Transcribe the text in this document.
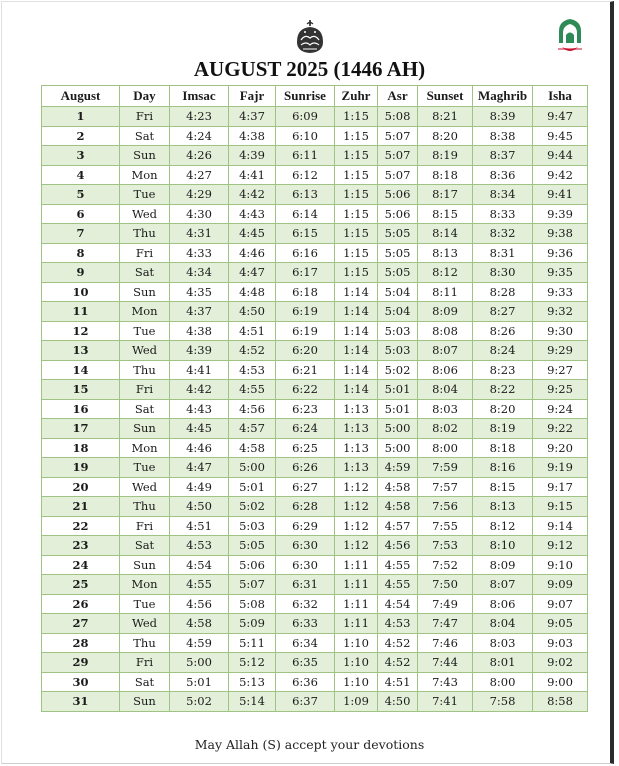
AUGUST 2025 (1446 AH)
August	Day	Imsac	Fajr	Sunrise	Zuhr	Asr	Sunset	Maghrib	Isha
1	Fri	4:23	4:37	6:09	1:15	5:08	8:21	8:39	9:47
2	Sat	4:24	4:38	6:10	1:15	5:07	8:20	8:38	9:45
3	Sun	4:26	4:39	6:11	1:15	5:07	8:19	8:37	9:44
4	Mon	4:27	4:41	6:12	1:15	5:07	8:18	8:36	9:42
5	Tue	4:29	4:42	6:13	1:15	5:06	8:17	8:34	9:41
6	Wed	4:30	4:43	6:14	1:15	5:06	8:15	8:33	9:39
7	Thu	4:31	4:45	6:15	1:15	5:05	8:14	8:32	9:38
8	Fri	4:33	4:46	6:16	1:15	5:05	8:13	8:31	9:36
9	Sat	4:34	4:47	6:17	1:15	5:05	8:12	8:30	9:35
10	Sun	4:35	4:48	6:18	1:14	5:04	8:11	8:28	9:33
11	Mon	4:37	4:50	6:19	1:14	5:04	8:09	8:27	9:32
12	Tue	4:38	4:51	6:19	1:14	5:03	8:08	8:26	9:30
13	Wed	4:39	4:52	6:20	1:14	5:03	8:07	8:24	9:29
14	Thu	4:41	4:53	6:21	1:14	5:02	8:06	8:23	9:27
15	Fri	4:42	4:55	6:22	1:14	5:01	8:04	8:22	9:25
16	Sat	4:43	4:56	6:23	1:13	5:01	8:03	8:20	9:24
17	Sun	4:45	4:57	6:24	1:13	5:00	8:02	8:19	9:22
18	Mon	4:46	4:58	6:25	1:13	5:00	8:00	8:18	9:20
19	Tue	4:47	5:00	6:26	1:13	4:59	7:59	8:16	9:19
20	Wed	4:49	5:01	6:27	1:12	4:58	7:57	8:15	9:17
21	Thu	4:50	5:02	6:28	1:12	4:58	7:56	8:13	9:15
22	Fri	4:51	5:03	6:29	1:12	4:57	7:55	8:12	9:14
23	Sat	4:53	5:05	6:30	1:12	4:56	7:53	8:10	9:12
24	Sun	4:54	5:06	6:30	1:11	4:55	7:52	8:09	9:10
25	Mon	4:55	5:07	6:31	1:11	4:55	7:50	8:07	9:09
26	Tue	4:56	5:08	6:32	1:11	4:54	7:49	8:06	9:07
27	Wed	4:58	5:09	6:33	1:11	4:53	7:47	8:04	9:05
28	Thu	4:59	5:11	6:34	1:10	4:52	7:46	8:03	9:03
29	Fri	5:00	5:12	6:35	1:10	4:52	7:44	8:01	9:02
30	Sat	5:01	5:13	6:36	1:10	4:51	7:43	8:00	9:00
31	Sun	5:02	5:14	6:37	1:09	4:50	7:41	7:58	8:58
May Allah (S) accept your devotions
